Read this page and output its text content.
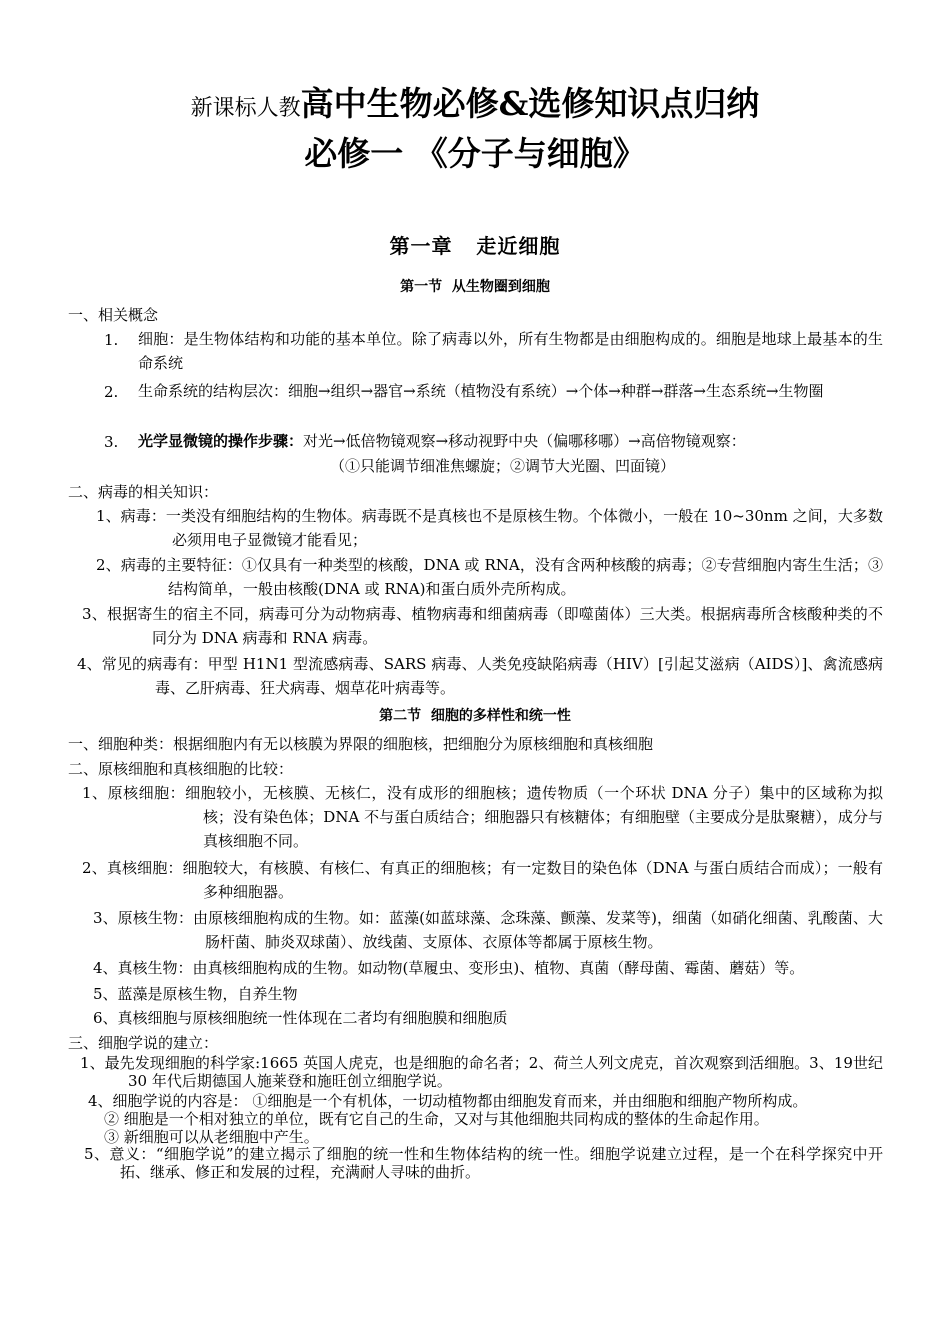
新课标人教高中生物必修&选修知识点归纳
必修一 《分子与细胞》
第一章   走近细胞
第一节  从生物圈到细胞
一、相关概念
1. 细胞：是生物体结构和功能的基本单位。除了病毒以外，所有生物都是由细胞构成的。细胞是地球上最基本的生命系统
2. 生命系统的结构层次：细胞→组织→器官→系统（植物没有系统）→个体→种群→群落→生态系统→生物圈
3. 光学显微镜的操作步骤：对光→低倍物镜观察→移动视野中央（偏哪移哪）→高倍物镜观察：
（①只能调节细准焦螺旋；②调节大光圈、凹面镜）
二、病毒的相关知识：
1、病毒：一类没有细胞结构的生物体。病毒既不是真核也不是原核生物。个体微小，一般在 10~30nm 之间，大多数必须用电子显微镜才能看见；
2、病毒的主要特征：①仅具有一种类型的核酸，DNA 或 RNA，没有含两种核酸的病毒；②专营细胞内寄生生活；③结构简单，一般由核酸(DNA 或 RNA)和蛋白质外壳所构成。
3、根据寄生的宿主不同，病毒可分为动物病毒、植物病毒和细菌病毒（即噬菌体）三大类。根据病毒所含核酸种类的不同分为 DNA 病毒和 RNA 病毒。
4、常见的病毒有：甲型 H1N1 型流感病毒、SARS 病毒、人类免疫缺陷病毒（HIV）[引起艾滋病（AIDS）]、禽流感病毒、乙肝病毒、狂犬病毒、烟草花叶病毒等。
第二节  细胞的多样性和统一性
一、细胞种类：根据细胞内有无以核膜为界限的细胞核，把细胞分为原核细胞和真核细胞
二、原核细胞和真核细胞的比较：
1、原核细胞：细胞较小，无核膜、无核仁，没有成形的细胞核；遗传物质（一个环状 DNA 分子）集中的区域称为拟核；没有染色体；DNA 不与蛋白质结合；细胞器只有核糖体；有细胞壁（主要成分是肽聚糖），成分与真核细胞不同。
2、真核细胞：细胞较大，有核膜、有核仁、有真正的细胞核；有一定数目的染色体（DNA 与蛋白质结合而成）；一般有多种细胞器。
3、原核生物：由原核细胞构成的生物。如：蓝藻(如蓝球藻、念珠藻、颤藻、发菜等)，细菌（如硝化细菌、乳酸菌、大肠杆菌、肺炎双球菌）、放线菌、支原体、衣原体等都属于原核生物。
4、真核生物：由真核细胞构成的生物。如动物(草履虫、变形虫)、植物、真菌（酵母菌、霉菌、蘑菇）等。
5、蓝藻是原核生物，自养生物
6、真核细胞与原核细胞统一性体现在二者均有细胞膜和细胞质
三、细胞学说的建立：
1、最先发现细胞的科学家:1665 英国人虎克，也是细胞的命名者；2、荷兰人列文虎克，首次观察到活细胞。3、19世纪 30 年代后期德国人施莱登和施旺创立细胞学说。
4、细胞学说的内容是： ①细胞是一个有机体，一切动植物都由细胞发育而来，并由细胞和细胞产物所构成。
② 细胞是一个相对独立的单位，既有它自己的生命，又对与其他细胞共同构成的整体的生命起作用。
③ 新细胞可以从老细胞中产生。
5、意义：“细胞学说”的建立揭示了细胞的统一性和生物体结构的统一性。细胞学说建立过程，是一个在科学探究中开拓、继承、修正和发展的过程，充满耐人寻味的曲折。
